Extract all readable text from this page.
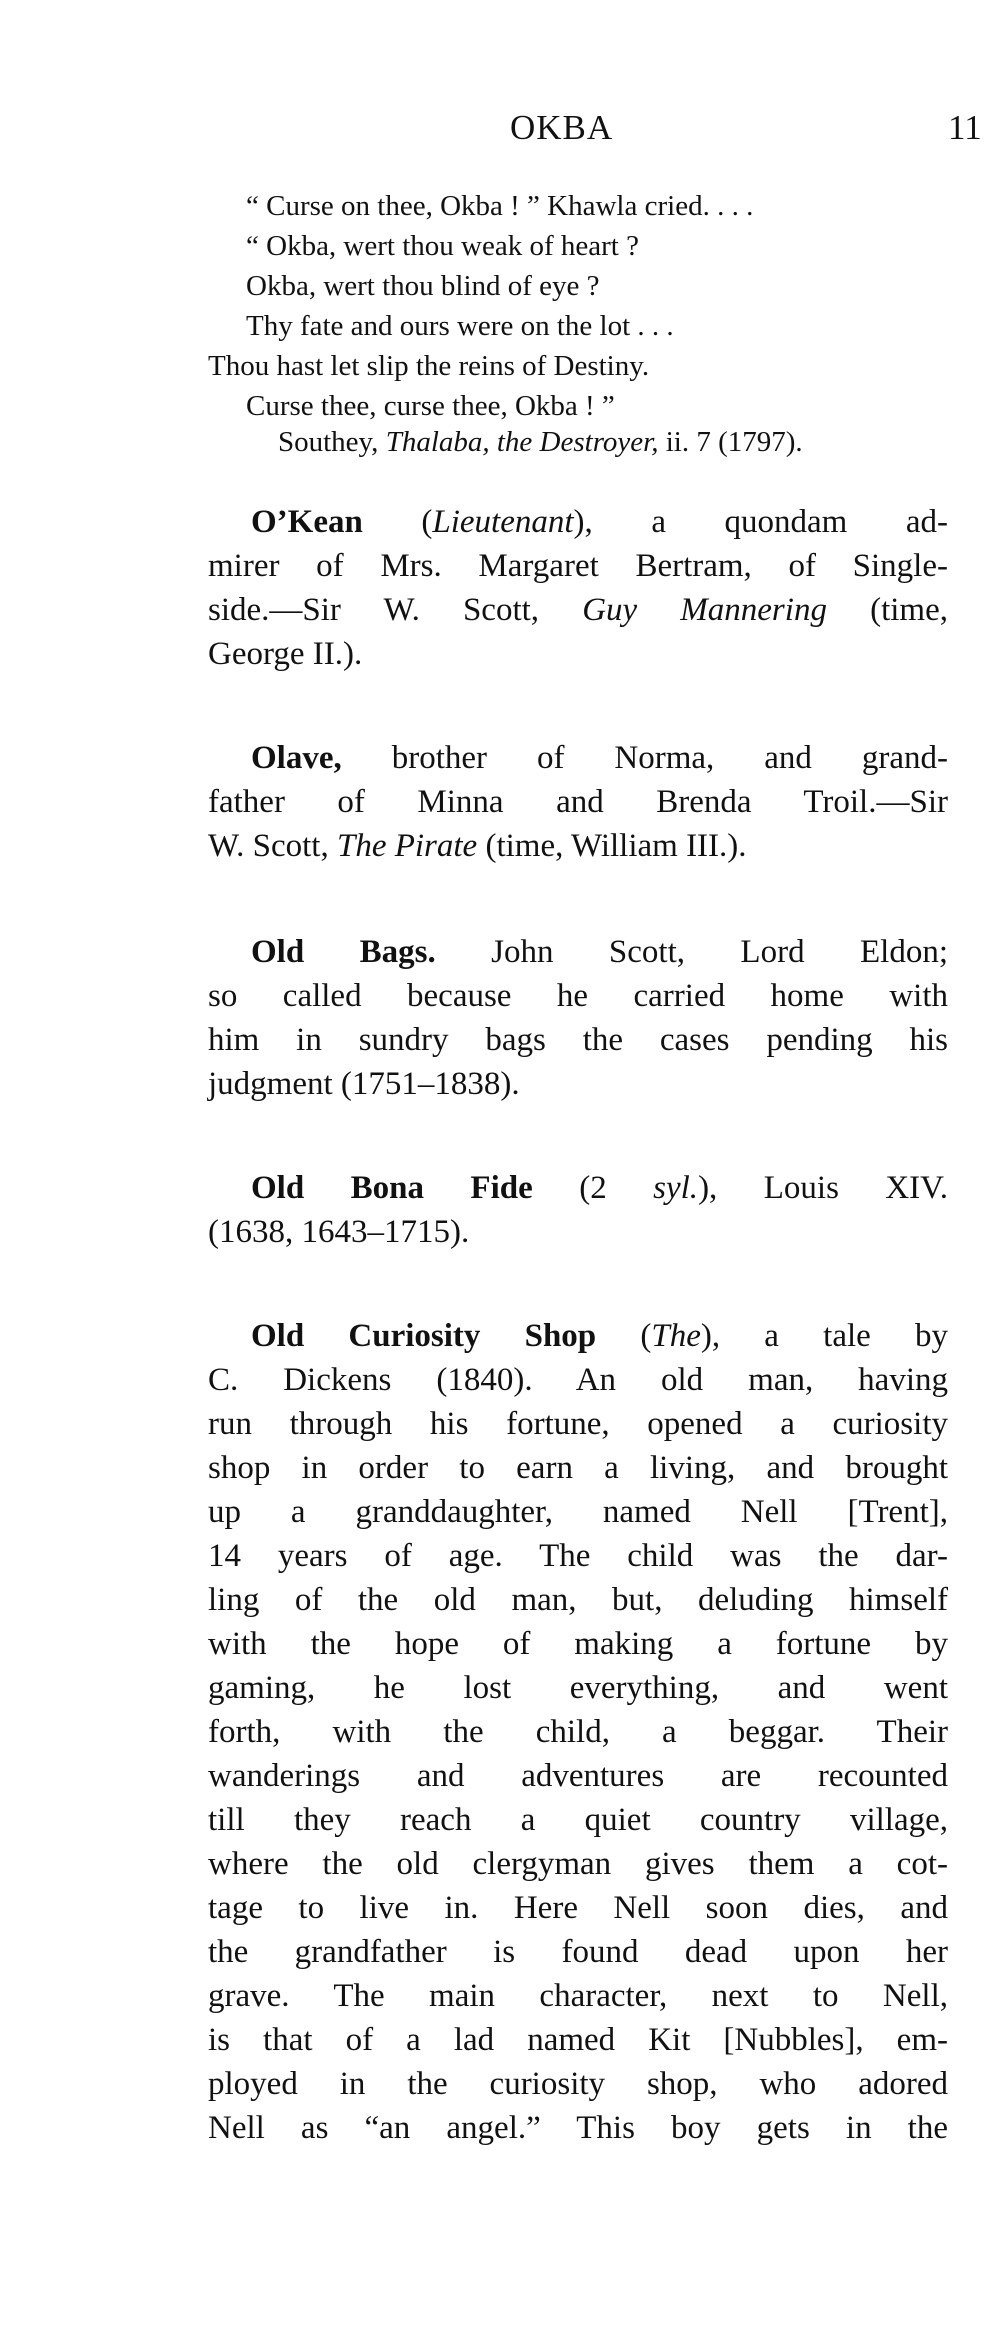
OKBA	11
“ Curse on thee, Okba ! ” Khawla cried. . . .
“ Okba, wert thou weak of heart ?
Okba, wert thou blind of eye ?
Thy fate and ours were on the lot . . .
Thou hast let slip the reins of Destiny.
Curse thee, curse thee, Okba ! ”
Southey, Thalaba, the Destroyer, ii. 7 (1797).
O’Kean (Lieutenant), a quondam ad-
mirer of Mrs. Margaret Bertram, of Single-
side.—Sir W. Scott, Guy Mannering (time,
George II.).
Olave, brother of Norma, and grand-
father of Minna and Brenda Troil.—Sir
W. Scott, The Pirate (time, William III.).
Old Bags. John Scott, Lord Eldon;
so called because he carried home with
him in sundry bags the cases pending his
judgment (1751–1838).
Old Bona Fide (2 syl.), Louis XIV.
(1638, 1643–1715).
Old Curiosity Shop (The), a tale by
C. Dickens (1840). An old man, having
run through his fortune, opened a curiosity
shop in order to earn a living, and brought
up a granddaughter, named Nell [Trent],
14 years of age. The child was the dar-
ling of the old man, but, deluding himself
with the hope of making a fortune by
gaming, he lost everything, and went
forth, with the child, a beggar. Their
wanderings and adventures are recounted
till they reach a quiet country village,
where the old clergyman gives them a cot-
tage to live in. Here Nell soon dies, and
the grandfather is found dead upon her
grave. The main character, next to Nell,
is that of a lad named Kit [Nubbles], em-
ployed in the curiosity shop, who adored
Nell as “an angel.” This boy gets in the
